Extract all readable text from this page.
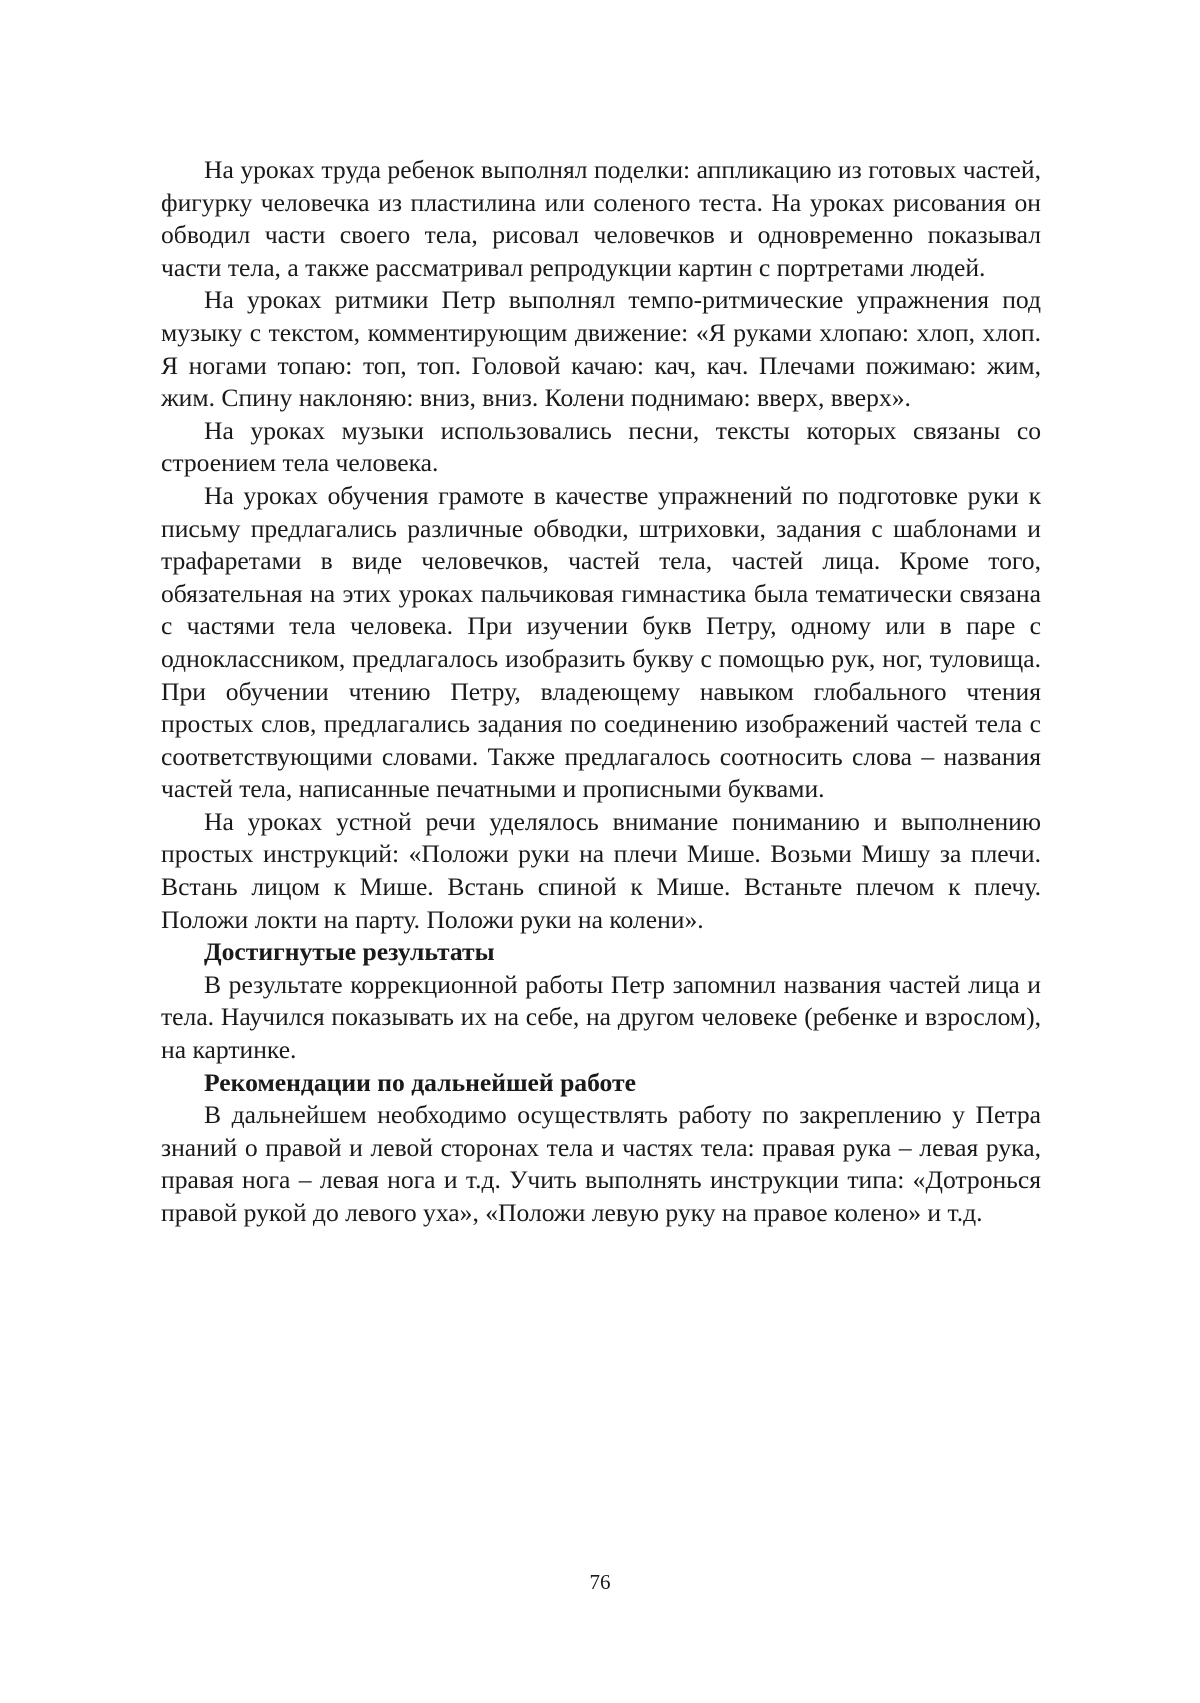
На уроках труда ребенок выполнял поделки: аппликацию из готовых частей, фигурку человечка из пластилина или соленого теста. На уроках рисования он обводил части своего тела, рисовал человечков и одновременно показывал части тела, а также рассматривал репродукции картин с портретами людей.

На уроках ритмики Петр выполнял темпо-ритмические упражнения под музыку с текстом, комментирующим движение: «Я руками хлопаю: хлоп, хлоп. Я ногами топаю: топ, топ. Головой качаю: кач, кач. Плечами пожимаю: жим, жим. Спину наклоняю: вниз, вниз. Колени поднимаю: вверх, вверх».

На уроках музыки использовались песни, тексты которых связаны со строением тела человека.

На уроках обучения грамоте в качестве упражнений по подготовке руки к письму предлагались различные обводки, штриховки, задания с шаблонами и трафаретами в виде человечков, частей тела, частей лица. Кроме того, обязательная на этих уроках пальчиковая гимнастика была тематически связана с частями тела человека. При изучении букв Петру, одному или в паре с одноклассником, предлагалось изобразить букву с помощью рук, ног, туловища. При обучении чтению Петру, владеющему навыком глобального чтения простых слов, предлагались задания по соединению изображений частей тела с соответствующими словами. Также предлагалось соотносить слова – названия частей тела, написанные печатными и прописными буквами.

На уроках устной речи уделялось внимание пониманию и выполнению простых инструкций: «Положи руки на плечи Мише. Возьми Мишу за плечи. Встань лицом к Мише. Встань спиной к Мише. Встаньте плечом к плечу. Положи локти на парту. Положи руки на колени».

Достигнутые результаты

В результате коррекционной работы Петр запомнил названия частей лица и тела. Научился показывать их на себе, на другом человеке (ребенке и взрослом), на картинке.

Рекомендации по дальнейшей работе

В дальнейшем необходимо осуществлять работу по закреплению у Петра знаний о правой и левой сторонах тела и частях тела: правая рука – левая рука, правая нога – левая нога и т.д. Учить выполнять инструкции типа: «Дотронься правой рукой до левого уха», «Положи левую руку на правое колено» и т.д.

76
